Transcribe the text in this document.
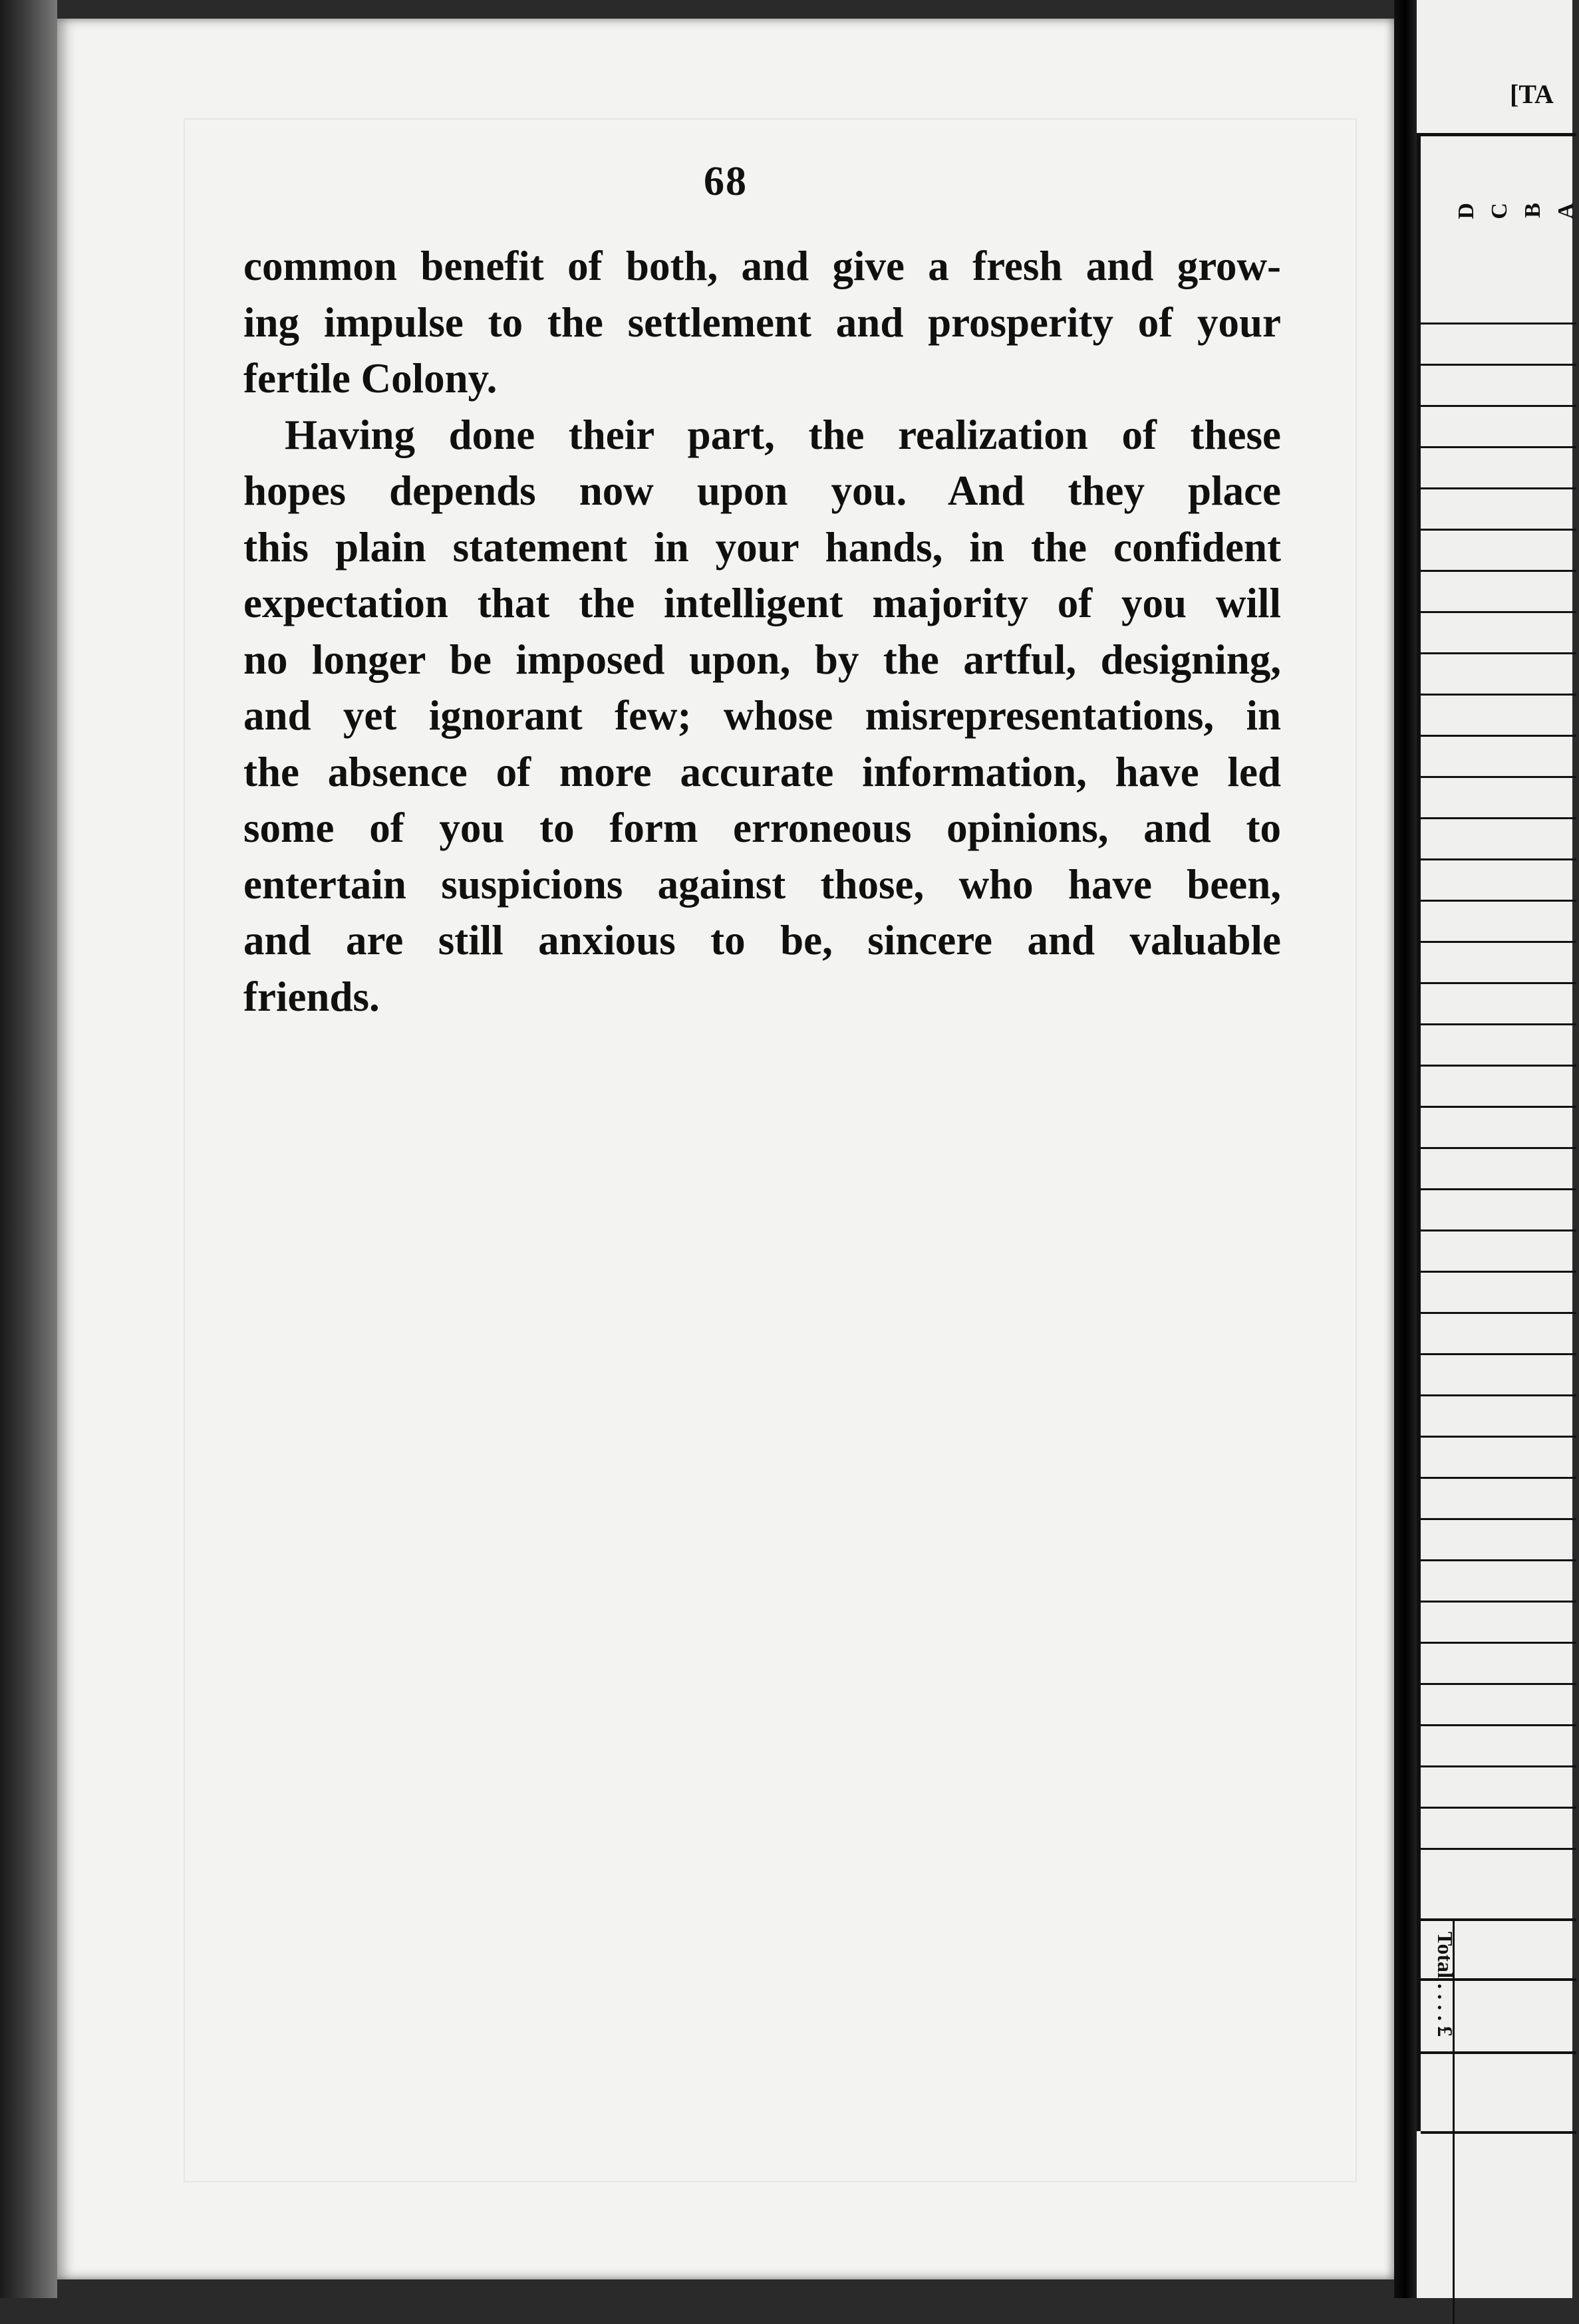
68
common benefit of both, and give a fresh and grow-
ing impulse to the settlement and prosperity of your
fertile Colony.
Having done their part, the realization of these
hopes depends now upon you. And they place
this plain statement in your hands, in the confident
expectation that the intelligent majority of you will
no longer be imposed upon, by the artful, designing,
and yet ignorant few; whose misrepresentations, in
the absence of more accurate information, have led
some of you to form erroneous opinions, and to
entertain suspicions against those, who have been,
and are still anxious to be, sincere and valuable
friends.
[TA
A
B
C
D
Total . . . . £
